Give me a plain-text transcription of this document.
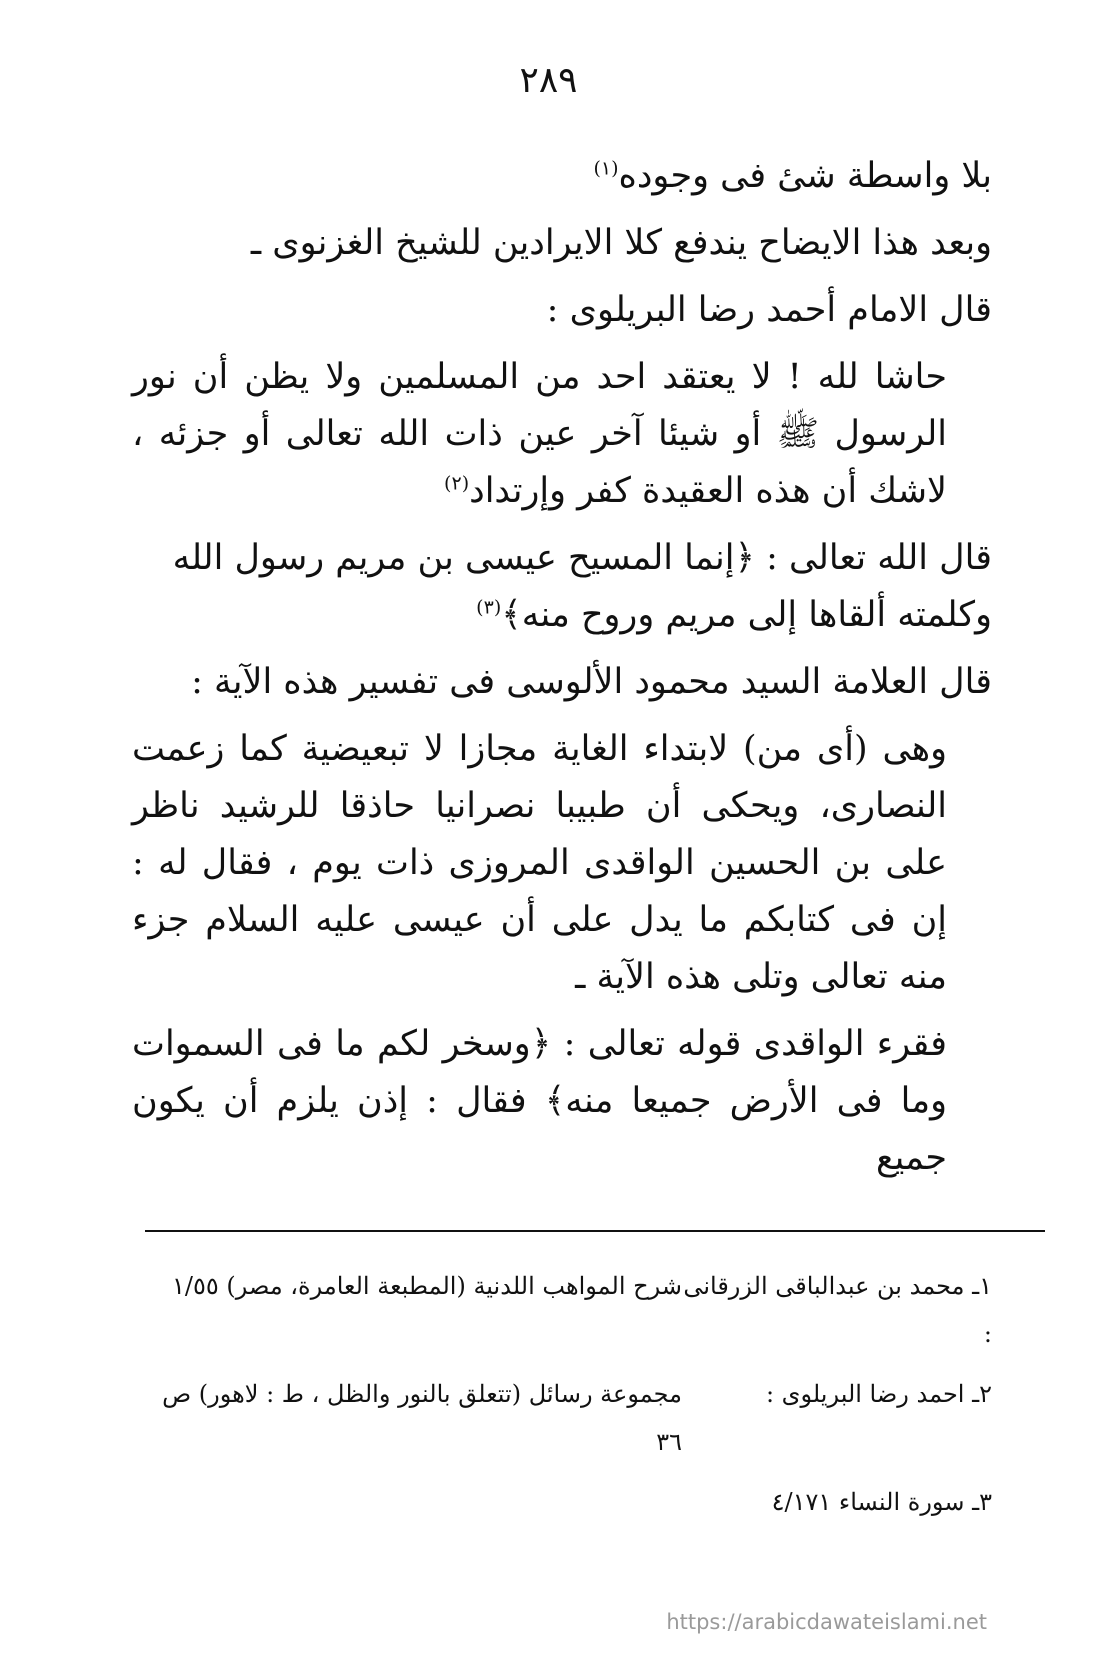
٢٨٩

بلا واسطة شیٔ فی وجوده$^{(١)}$

وبعد هذا الایضاح یندفع کلا الایرادین للشیخ الغزنوی ـ

قال الامام أحمد رضا البریلوی :

حاشا لله ! لا یعتقد احد من المسلمین ولا یظن أن نور الرسول ﷺ أو شیئا آخر عین ذات الله تعالی أو جزئه ، لاشك أن هذه العقیدة كفر وإرتداد$^{(٢)}$

قال الله تعالی : ﴿إنما المسیح عیسی بن مریم رسول الله وكلمته ألقاها إلی مریم وروح منه﴾$^{(٣)}$

قال العلامة السید محمود الألوسی فی تفسیر هذه الآیة :

وهی (أی من) لابتداء الغایة مجازا لا تبعیضیة كما زعمت النصاری، ویحكی أن طبیبا نصرانیا حاذقا للرشید ناظر علی بن الحسین الواقدی المروزی ذات یوم ، فقال له : إن فی كتابكم ما یدل علی أن عیسی علیه السلام جزء منه تعالی وتلی هذه الآیة ـ

فقرء الواقدی قوله تعالی : ﴿وسخر لكم ما فی السموات وما فی الأرض جمیعا منه﴾ فقال : إذن یلزم أن یكون جمیع

١ـ محمد بن عبدالباقی الزرقانی :
شرح المواهب اللدنیة (المطبعة العامرة، مصر) ١/٥٥
٢ـ احمد رضا البریلوی :
مجموعة رسائل (تتعلق بالنور والظل ، ط : لاهور) ص ٣٦
٣ـ سورة النساء ٤/١٧١
https://arabicdawateislami.net
